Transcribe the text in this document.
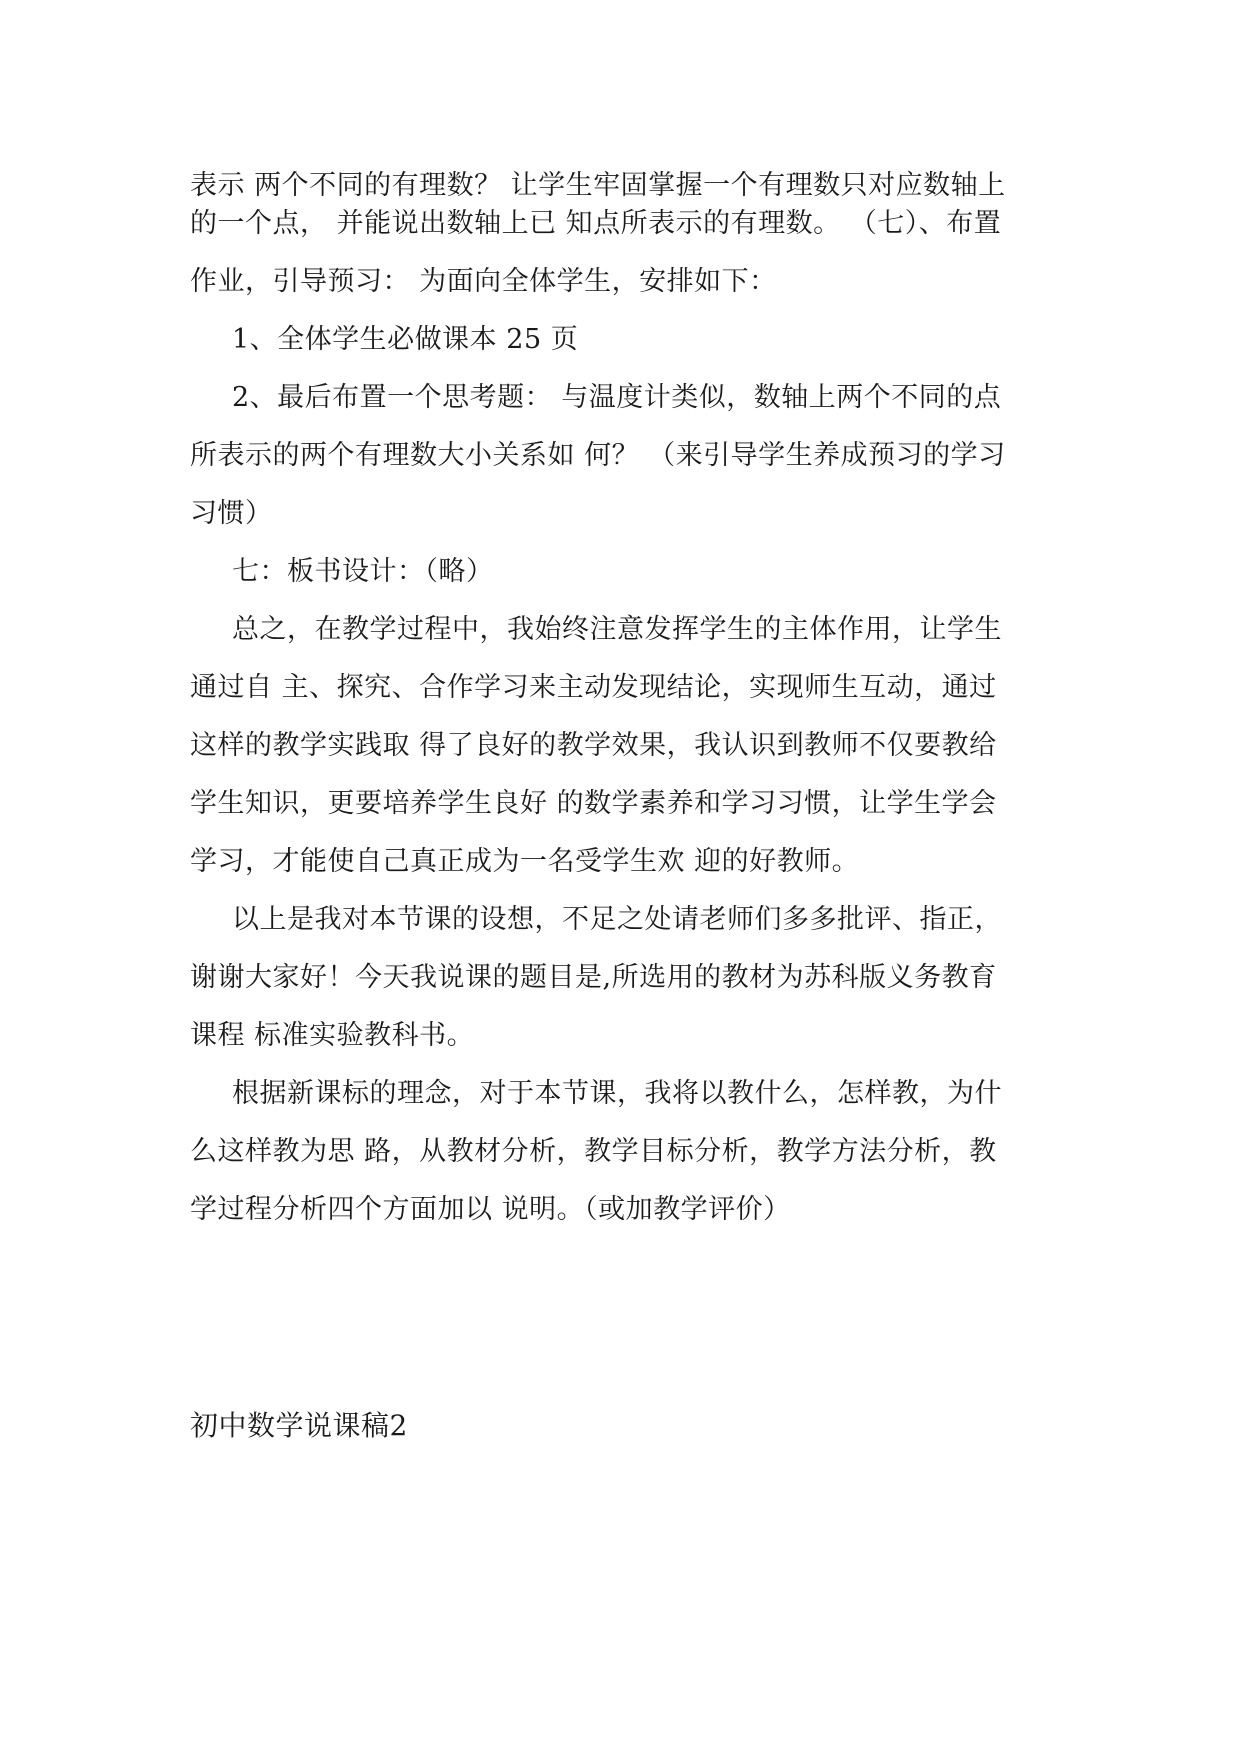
表示 两个不同的有理数？ 让学生牢固掌握一个有理数只对应数轴上
的一个点， 并能说出数轴上已 知点所表示的有理数。 （七）、布置
作业，引导预习： 为面向全体学生，安排如下：
1、全体学生必做课本 25 页
2、最后布置一个思考题： 与温度计类似，数轴上两个不同的点
所表示的两个有理数大小关系如 何？ （来引导学生养成预习的学习
习惯）
七：板书设计：（略）
总之，在教学过程中，我始终注意发挥学生的主体作用，让学生
通过自 主、探究、合作学习来主动发现结论，实现师生互动，通过
这样的教学实践取 得了良好的教学效果，我认识到教师不仅要教给
学生知识，更要培养学生良好 的数学素养和学习习惯，让学生学会
学习，才能使自己真正成为一名受学生欢 迎的好教师。
以上是我对本节课的设想，不足之处请老师们多多批评、指正，
谢谢大家好！今天我说课的题目是,所选用的教材为苏科版义务教育
课程 标准实验教科书。
根据新课标的理念，对于本节课，我将以教什么，怎样教，为什
么这样教为思 路，从教材分析，教学目标分析，教学方法分析，教
学过程分析四个方面加以 说明。（或加教学评价）
初中数学说课稿2
